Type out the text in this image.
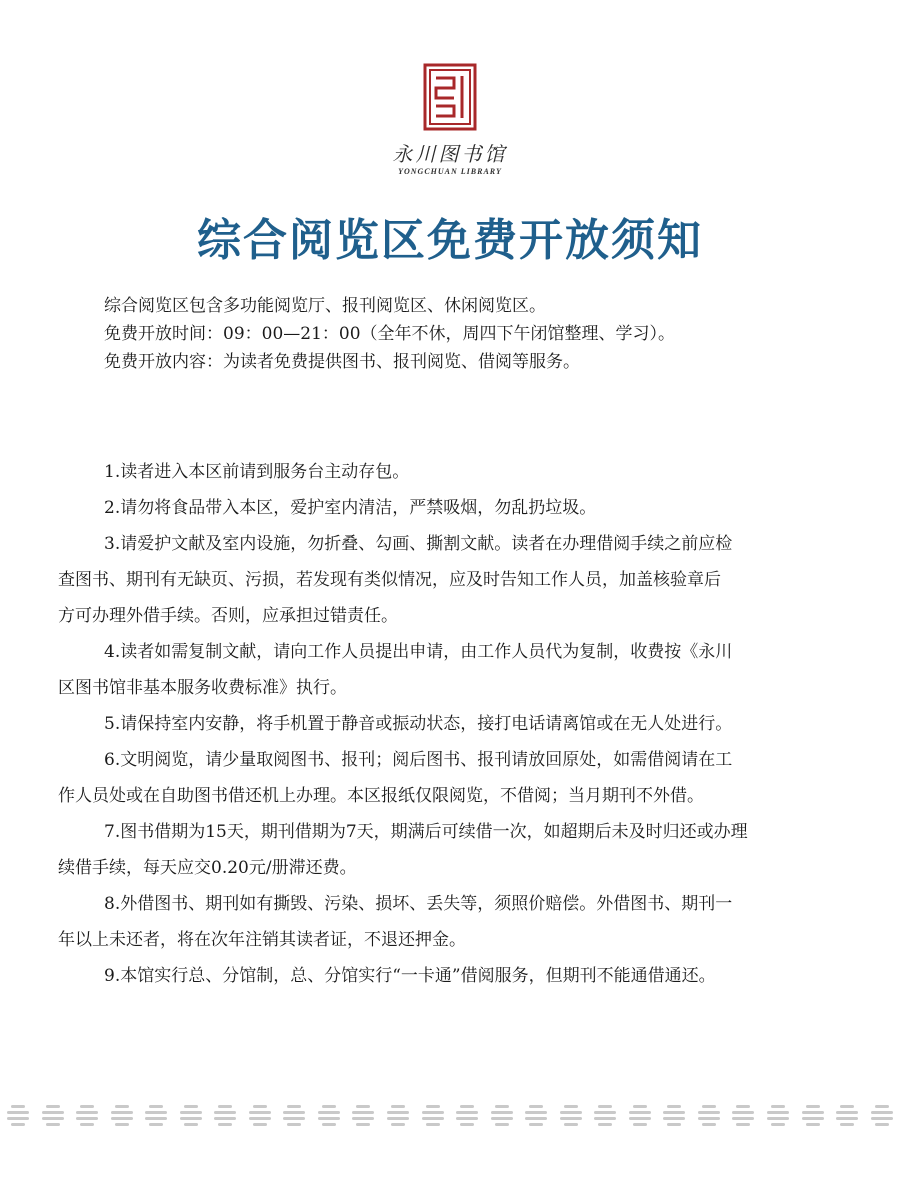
永川图书馆
YONGCHUAN LIBRARY
综合阅览区免费开放须知

综合阅览区包含多功能阅览厅、报刊阅览区、休闲阅览区。

免费开放时间：09：00—21：00（全年不休，周四下午闭馆整理、学习）。

免费开放内容：为读者免费提供图书、报刊阅览、借阅等服务。

1.读者进入本区前请到服务台主动存包。
2.请勿将食品带入本区，爱护室内清洁，严禁吸烟，勿乱扔垃圾。
3.请爱护文献及室内设施，勿折叠、勾画、撕割文献。读者在办理借阅手续之前应检
查图书、期刊有无缺页、污损，若发现有类似情况，应及时告知工作人员，加盖核验章后
方可办理外借手续。否则，应承担过错责任。
4.读者如需复制文献，请向工作人员提出申请，由工作人员代为复制，收费按《永川
区图书馆非基本服务收费标准》执行。
5.请保持室内安静，将手机置于静音或振动状态，接打电话请离馆或在无人处进行。
6.文明阅览，请少量取阅图书、报刊；阅后图书、报刊请放回原处，如需借阅请在工
作人员处或在自助图书借还机上办理。本区报纸仅限阅览，不借阅；当月期刊不外借。
7.图书借期为15天，期刊借期为7天，期满后可续借一次，如超期后未及时归还或办理
续借手续，每天应交0.20元/册滞还费。
8.外借图书、期刊如有撕毁、污染、损坏、丢失等，须照价赔偿。外借图书、期刊一
年以上未还者，将在次年注销其读者证，不退还押金。
9.本馆实行总、分馆制，总、分馆实行“一卡通”借阅服务，但期刊不能通借通还。
